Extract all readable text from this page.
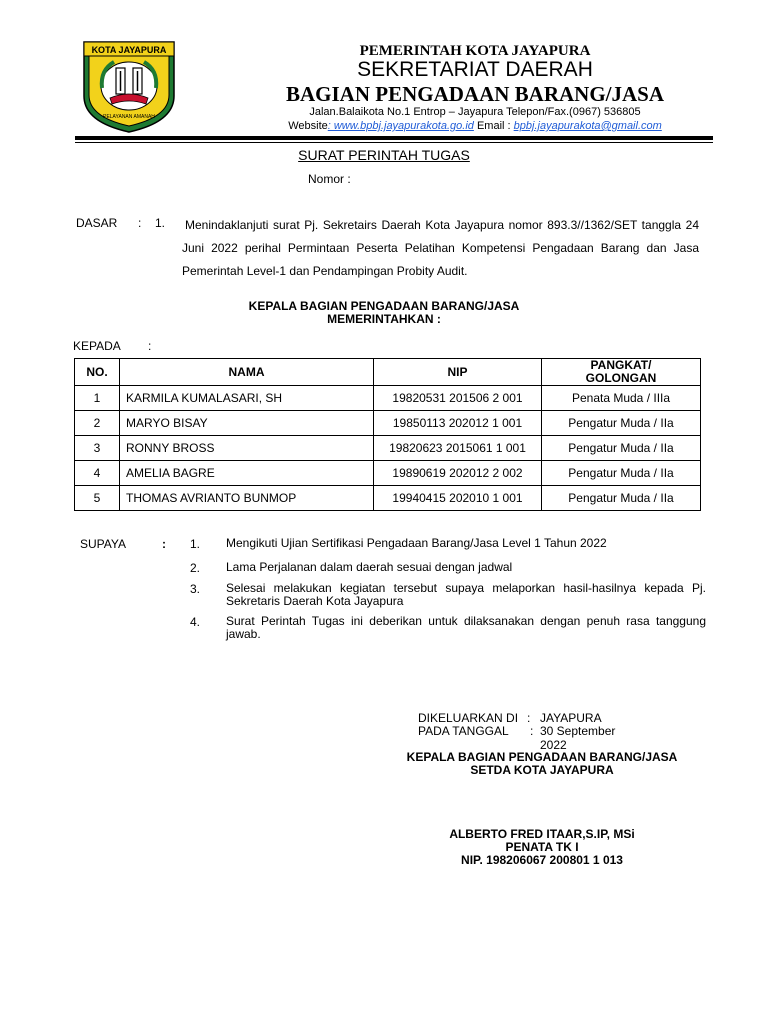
KOTA JAYAPURA
PELAYANAN AMANAH
PEMERINTAH KOTA JAYAPURA
SEKRETARIAT DAERAH
BAGIAN PENGADAAN BARANG/JASA
Jalan.Balaikota No.1 Entrop – Jayapura Telepon/Fax.(0967) 536805
Website: www.bpbj.jayapurakota.go.id Email : bpbj.jayapurakota@gmail.com
SURAT PERINTAH TUGAS
Nomor :
DASAR : 1. Menindaklanjuti surat Pj. Sekretairs Daerah Kota Jayapura nomor 893.3//1362/SET tanggla 24 Juni 2022 perihal Permintaan Peserta Pelatihan Kompetensi Pengadaan Barang dan Jasa Pemerintah Level-1 dan Pendampingan Probity Audit.
KEPALA BAGIAN PENGADAAN BARANG/JASA
MEMERINTAHKAN :
KEPADA :
NO.	NAMA	NIP	PANGKAT/
GOLONGAN
1	KARMILA KUMALASARI, SH	19820531 201506 2 001	Penata Muda / IIIa
2	MARYO BISAY	19850113 202012 1 001	Pengatur Muda / IIa
3	RONNY BROSS	19820623 2015061 1 001	Pengatur Muda / IIa
4	AMELIA BAGRE	19890619 202012 2 002	Pengatur Muda / IIa
5	THOMAS AVRIANTO BUNMOP	19940415 202010 1 001	Pengatur Muda / IIa
SUPAYA	:	1. Mengikuti Ujian Sertifikasi Pengadaan Barang/Jasa Level 1 Tahun 2022
2. Lama Perjalanan dalam daerah sesuai dengan jadwal
3. Selesai melakukan kegiatan tersebut supaya melaporkan hasil-hasilnya kepada Pj. Sekretaris Daerah Kota Jayapura
4. Surat Perintah Tugas ini deberikan untuk dilaksanakan dengan penuh rasa tanggung jawab.
DIKELUARKAN DI : JAYAPURA
PADA TANGGAL : 30 September 2022
KEPALA BAGIAN PENGADAAN BARANG/JASA
SETDA KOTA JAYAPURA
ALBERTO FRED ITAAR,S.IP, MSi
PENATA TK I
NIP. 198206067 200801 1 013
